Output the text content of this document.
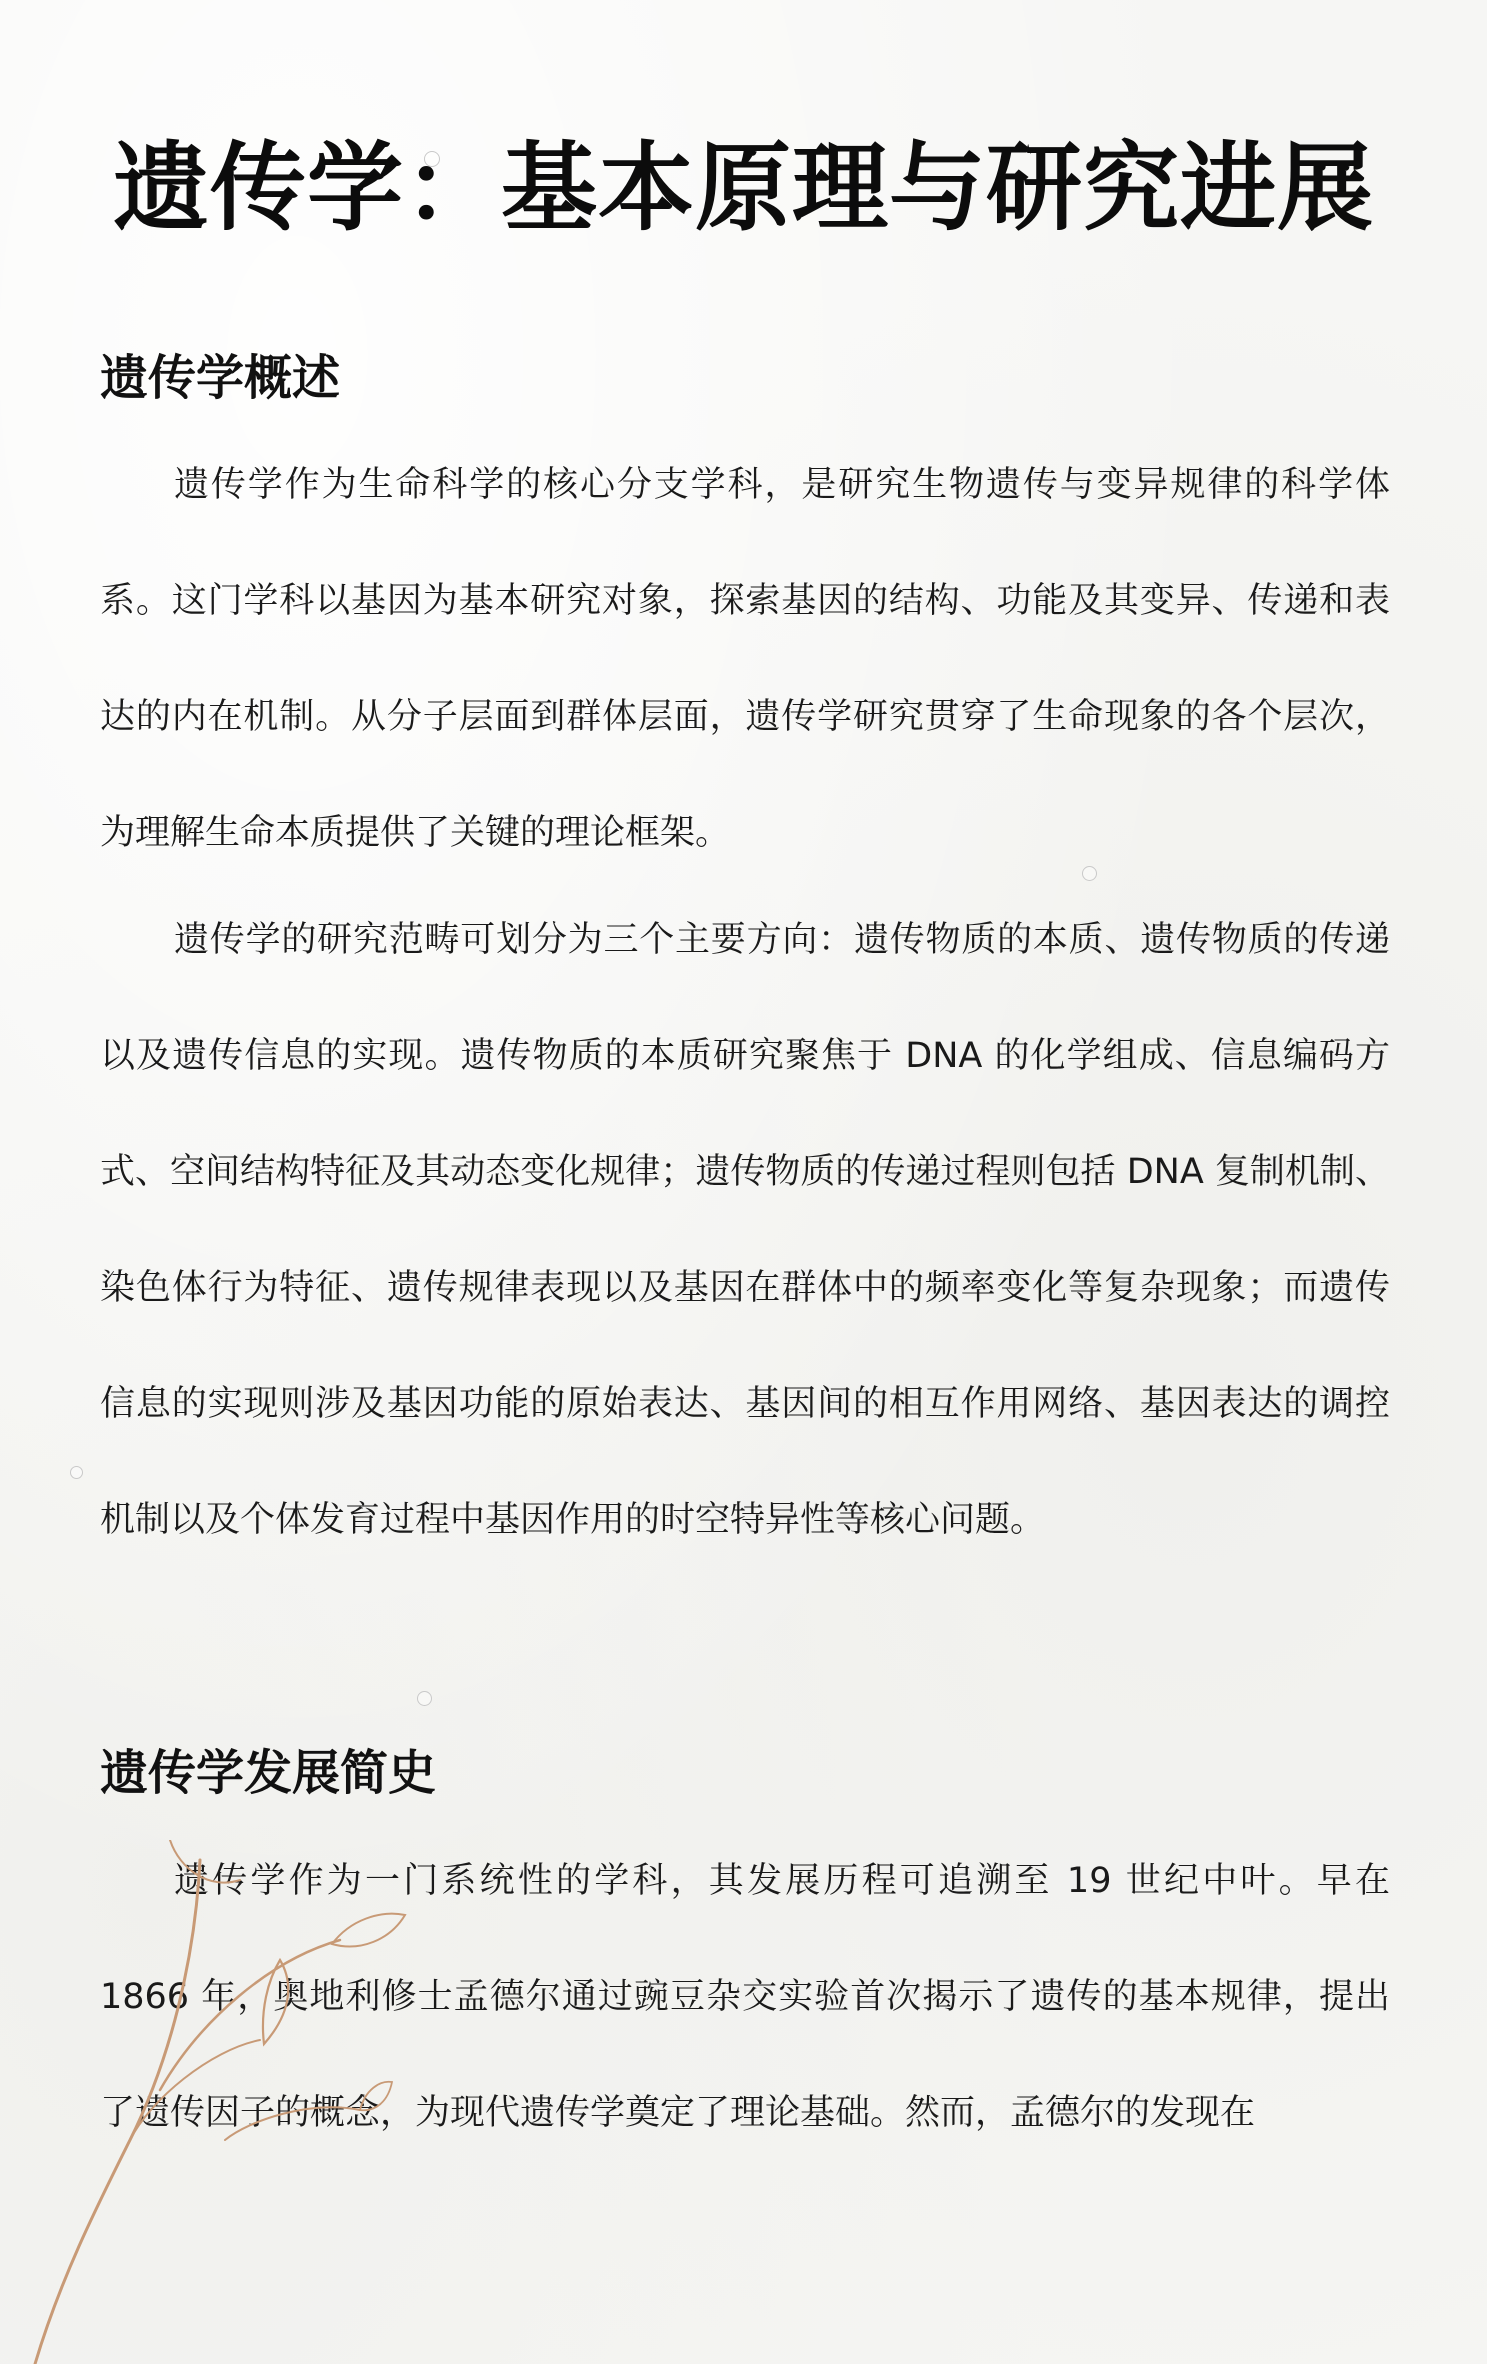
遗传学：基本原理与研究进展
遗传学概述

遗传学作为生命科学的核心分支学科，是研究生物遗传与变异规律的科学体系。这门学科以基因为基本研究对象，探索基因的结构、功能及其变异、传递和表达的内在机制。从分子层面到群体层面，遗传学研究贯穿了生命现象的各个层次，为理解生命本质提供了关键的理论框架。

遗传学的研究范畴可划分为三个主要方向：遗传物质的本质、遗传物质的传递以及遗传信息的实现。遗传物质的本质研究聚焦于 DNA 的化学组成、信息编码方式、空间结构特征及其动态变化规律；遗传物质的传递过程则包括 DNA 复制机制、染色体行为特征、遗传规律表现以及基因在群体中的频率变化等复杂现象；而遗传信息的实现则涉及基因功能的原始表达、基因间的相互作用网络、基因表达的调控机制以及个体发育过程中基因作用的时空特异性等核心问题。

遗传学发展简史

遗传学作为一门系统性的学科，其发展历程可追溯至 19 世纪中叶。早在 1866 年，奥地利修士孟德尔通过豌豆杂交实验首次揭示了遗传的基本规律，提出了遗传因子的概念，为现代遗传学奠定了理论基础。然而，孟德尔的发现在
